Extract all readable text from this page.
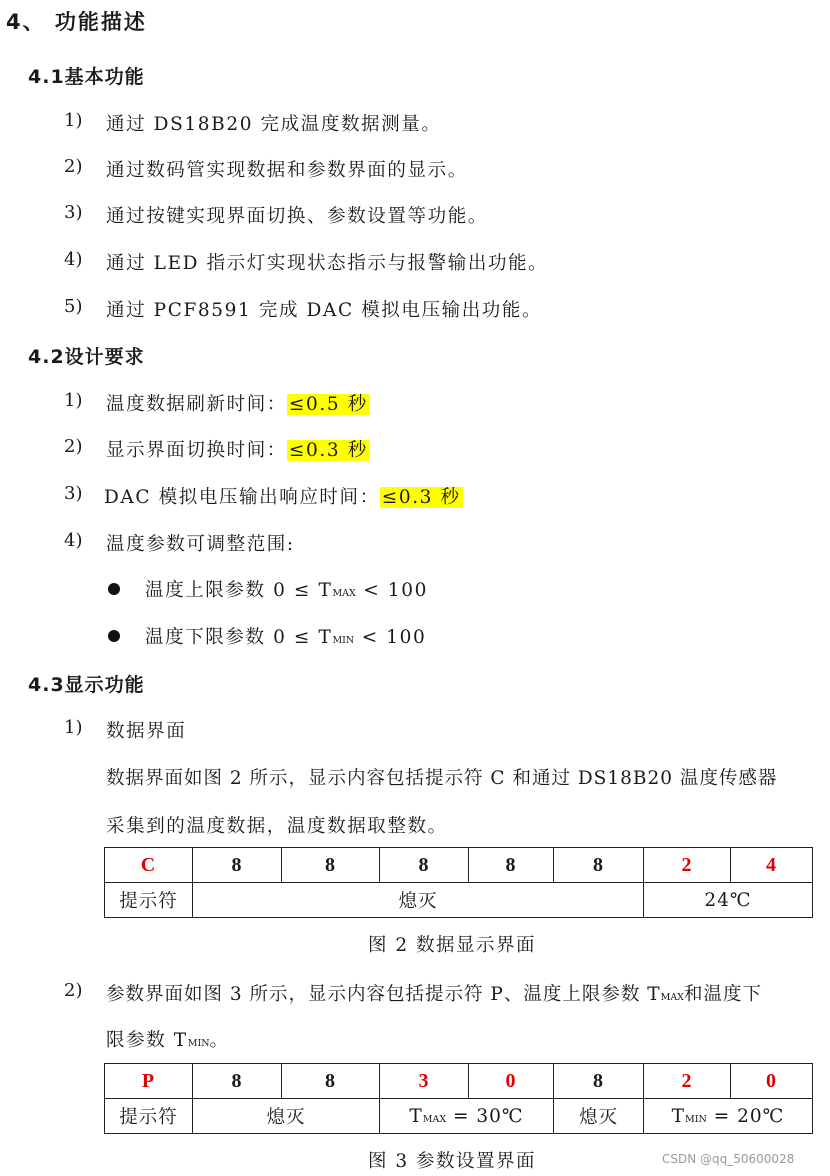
4、 功能描述
4.1基本功能
1) 通过 DS18B20 完成温度数据测量。
2) 通过数码管实现数据和参数界面的显示。
3) 通过按键实现界面切换、参数设置等功能。
4) 通过 LED 指示灯实现状态指示与报警输出功能。
5) 通过 PCF8591 完成 DAC 模拟电压输出功能。
4.2设计要求
1) 温度数据刷新时间： ≤0.5 秒
2) 显示界面切换时间： ≤0.3 秒
3) DAC 模拟电压输出响应时间： ≤0.3 秒
4) 温度参数可调整范围:
温度上限参数 0 ≤ TMAX < 100
温度下限参数 0 ≤ TMIN < 100
4.3显示功能
1) 数据界面
数据界面如图 2 所示，显示内容包括提示符 C 和通过 DS18B20 温度传感器
采集到的温度数据，温度数据取整数。
C	8	8	8	8	8	2	4
提示符	熄灭					24℃	
图 2 数据显示界面
2) 参数界面如图 3 所示，显示内容包括提示符 P、温度上限参数 TMAX和温度下
限参数 TMIN。
P	8	8	3	0	8	2	0
提示符	熄灭		TMAX = 30℃		熄灭	TMIN = 20℃	
图 3 参数设置界面	CSDN @qq_50600028
